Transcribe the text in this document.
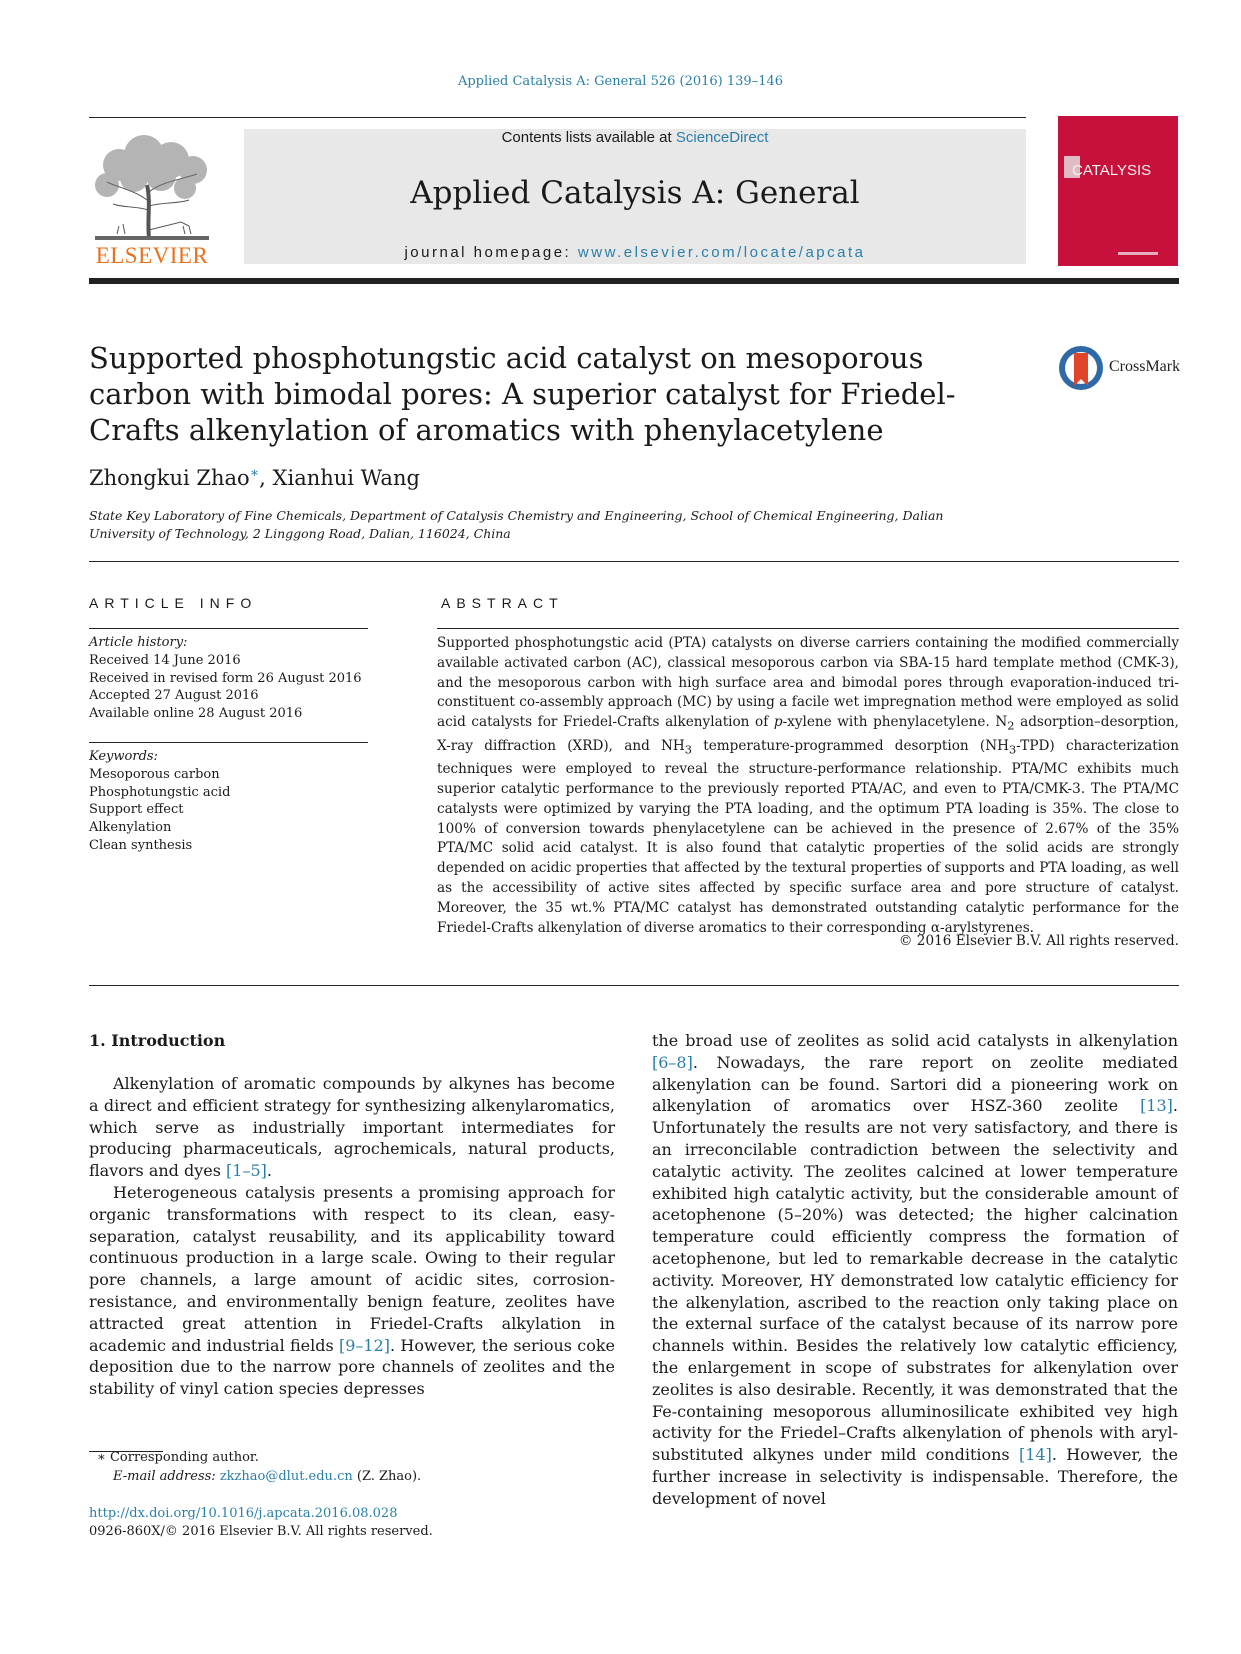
Applied Catalysis A: General 526 (2016) 139–146
ELSEVIER
Contents lists available at ScienceDirect
Applied Catalysis A: General
journal homepage: www.elsevier.com/locate/apcata
CATALYSIS
Supported phosphotungstic acid catalyst on mesoporous carbon with bimodal pores: A superior catalyst for Friedel-Crafts alkenylation of aromatics with phenylacetylene
CrossMark
Zhongkui Zhao∗, Xianhui Wang
State Key Laboratory of Fine Chemicals, Department of Catalysis Chemistry and Engineering, School of Chemical Engineering, Dalian University of Technology, 2 Linggong Road, Dalian, 116024, China
ARTICLE INFO	ABSTRACT
Article history:
Received 14 June 2016
Received in revised form 26 August 2016
Accepted 27 August 2016
Available online 28 August 2016
Keywords:
Mesoporous carbon
Phosphotungstic acid
Support effect
Alkenylation
Clean synthesis
Supported phosphotungstic acid (PTA) catalysts on diverse carriers containing the modified commercially available activated carbon (AC), classical mesoporous carbon via SBA-15 hard template method (CMK-3), and the mesoporous carbon with high surface area and bimodal pores through evaporation-induced tri-constituent co-assembly approach (MC) by using a facile wet impregnation method were employed as solid acid catalysts for Friedel-Crafts alkenylation of p-xylene with phenylacetylene. $N_2$ adsorption–desorption, X-ray diffraction (XRD), and $NH_3$ temperature-programmed desorption $(NH_3-TPD)$ characterization techniques were employed to reveal the structure-performance relationship. PTA/MC exhibits much superior catalytic performance to the previously reported PTA/AC, and even to PTA/CMK-3. The PTA/MC catalysts were optimized by varying the PTA loading, and the optimum PTA loading is 35%. The close to 100% of conversion towards phenylacetylene can be achieved in the presence of 2.67% of the 35% PTA/MC solid acid catalyst. It is also found that catalytic properties of the solid acids are strongly depended on acidic properties that affected by the textural properties of supports and PTA loading, as well as the accessibility of active sites affected by specific surface area and pore structure of catalyst. Moreover, the 35 wt.% PTA/MC catalyst has demonstrated outstanding catalytic performance for the Friedel-Crafts alkenylation of diverse aromatics to their corresponding α-arylstyrenes.
© 2016 Elsevier B.V. All rights reserved.
1. Introduction

Alkenylation of aromatic compounds by alkynes has become a direct and efficient strategy for synthesizing alkenylaromatics, which serve as industrially important intermediates for producing pharmaceuticals, agrochemicals, natural products, flavors and dyes [1–5].

Heterogeneous catalysis presents a promising approach for organic transformations with respect to its clean, easy-separation, catalyst reusability, and its applicability toward continuous production in a large scale. Owing to their regular pore channels, a large amount of acidic sites, corrosion-resistance, and environmentally benign feature, zeolites have attracted great attention in Friedel-Crafts alkylation in academic and industrial fields [9–12]. However, the serious coke deposition due to the narrow pore channels of zeolites and the stability of vinyl cation species depresses

the broad use of zeolites as solid acid catalysts in alkenylation [6–8]. Nowadays, the rare report on zeolite mediated alkenylation can be found. Sartori did a pioneering work on alkenylation of aromatics over HSZ-360 zeolite [13]. Unfortunately the results are not very satisfactory, and there is an irreconcilable contradiction between the selectivity and catalytic activity. The zeolites calcined at lower temperature exhibited high catalytic activity, but the considerable amount of acetophenone (5–20%) was detected; the higher calcination temperature could efficiently compress the formation of acetophenone, but led to remarkable decrease in the catalytic activity. Moreover, HY demonstrated low catalytic efficiency for the alkenylation, ascribed to the reaction only taking place on the external surface of the catalyst because of its narrow pore channels within. Besides the relatively low catalytic efficiency, the enlargement in scope of substrates for alkenylation over zeolites is also desirable. Recently, it was demonstrated that the Fe-containing mesoporous alluminosilicate exhibited vey high activity for the Friedel–Crafts alkenylation of phenols with aryl-substituted alkynes under mild conditions [14]. However, the further increase in selectivity is indispensable. Therefore, the development of novel

∗ Corresponding author.
E-mail address: zkzhao@dlut.edu.cn (Z. Zhao).
http://dx.doi.org/10.1016/j.apcata.2016.08.028
0926-860X/© 2016 Elsevier B.V. All rights reserved.
